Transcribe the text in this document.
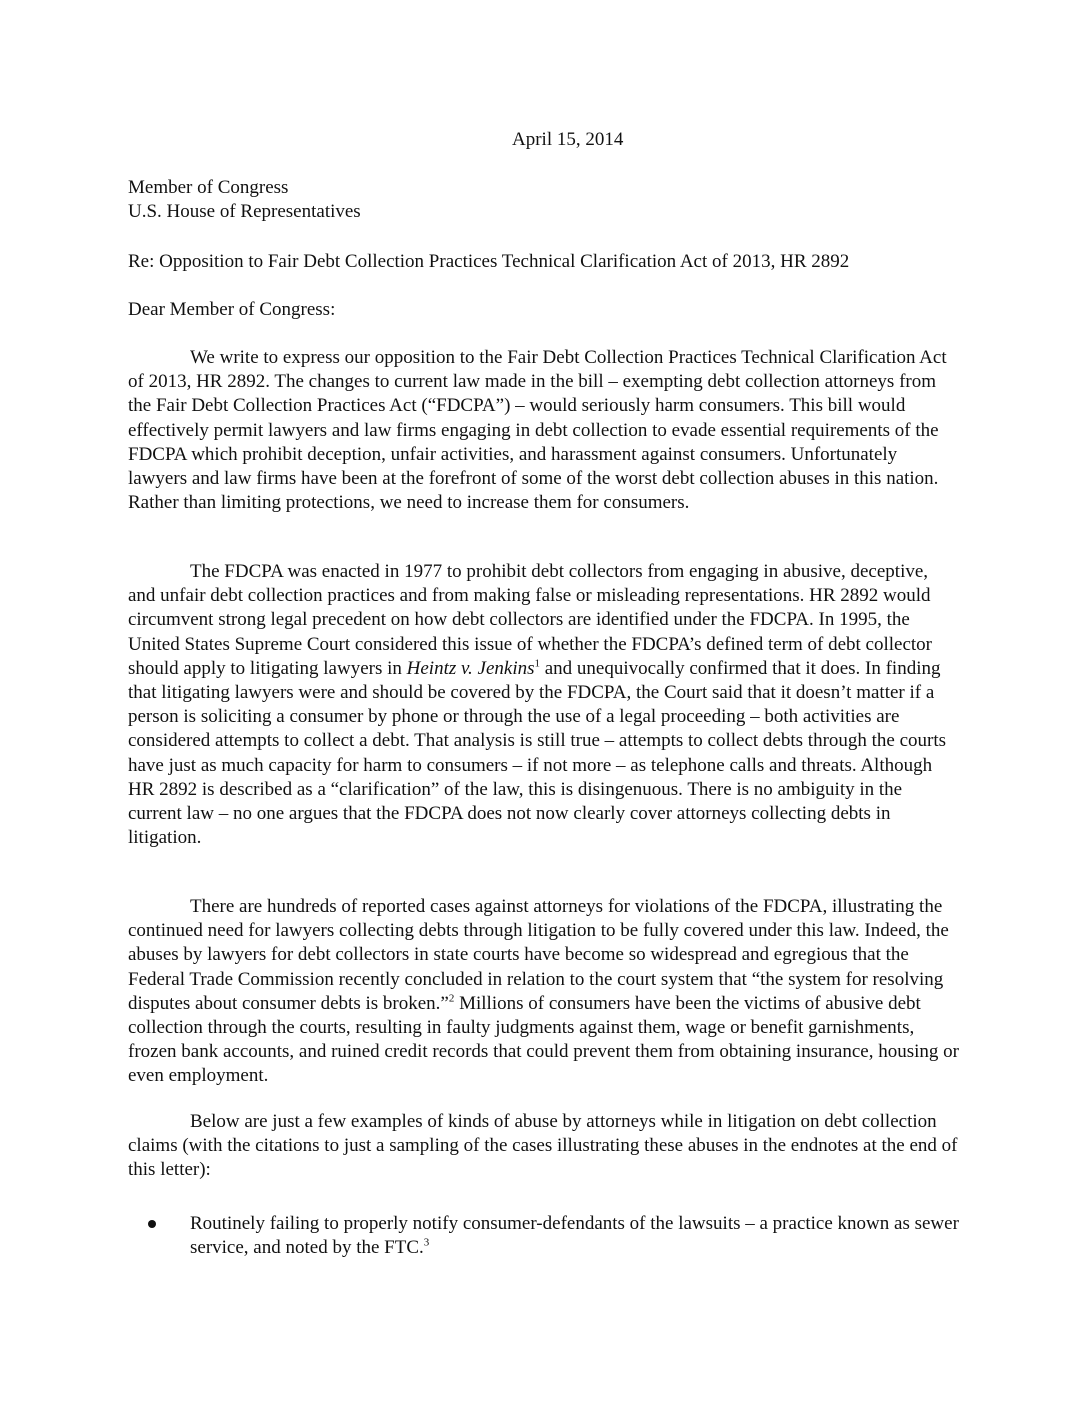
April 15, 2014
Member of Congress
U.S. House of Representatives
Re: Opposition to Fair Debt Collection Practices Technical Clarification Act of 2013, HR 2892
Dear Member of Congress:

We write to express our opposition to the Fair Debt Collection Practices Technical Clarification Act of 2013, HR 2892. The changes to current law made in the bill – exempting debt collection attorneys from the Fair Debt Collection Practices Act (“FDCPA”) – would seriously harm consumers. This bill would effectively permit lawyers and law firms engaging in debt collection to evade essential requirements of the FDCPA which prohibit deception, unfair activities, and harassment against consumers. Unfortunately lawyers and law firms have been at the forefront of some of the worst debt collection abuses in this nation. Rather than limiting protections, we need to increase them for consumers.

The FDCPA was enacted in 1977 to prohibit debt collectors from engaging in abusive, deceptive, and unfair debt collection practices and from making false or misleading representations. HR 2892 would circumvent strong legal precedent on how debt collectors are identified under the FDCPA. In 1995, the United States Supreme Court considered this issue of whether the FDCPA’s defined term of debt collector should apply to litigating lawyers in Heintz v. Jenkins$^1$ and unequivocally confirmed that it does. In finding that litigating lawyers were and should be covered by the FDCPA, the Court said that it doesn’t matter if a person is soliciting a consumer by phone or through the use of a legal proceeding – both activities are considered attempts to collect a debt. That analysis is still true – attempts to collect debts through the courts have just as much capacity for harm to consumers – if not more – as telephone calls and threats. Although HR 2892 is described as a “clarification” of the law, this is disingenuous. There is no ambiguity in the current law – no one argues that the FDCPA does not now clearly cover attorneys collecting debts in litigation.

There are hundreds of reported cases against attorneys for violations of the FDCPA, illustrating the continued need for lawyers collecting debts through litigation to be fully covered under this law. Indeed, the abuses by lawyers for debt collectors in state courts have become so widespread and egregious that the Federal Trade Commission recently concluded in relation to the court system that “the system for resolving disputes about consumer debts is broken.”$^2$ Millions of consumers have been the victims of abusive debt collection through the courts, resulting in faulty judgments against them, wage or benefit garnishments, frozen bank accounts, and ruined credit records that could prevent them from obtaining insurance, housing or even employment.

Below are just a few examples of kinds of abuse by attorneys while in litigation on debt collection claims (with the citations to just a sampling of the cases illustrating these abuses in the endnotes at the end of this letter):

Routinely failing to properly notify consumer-defendants of the lawsuits – a practice known as sewer service, and noted by the FTC.$^3$
